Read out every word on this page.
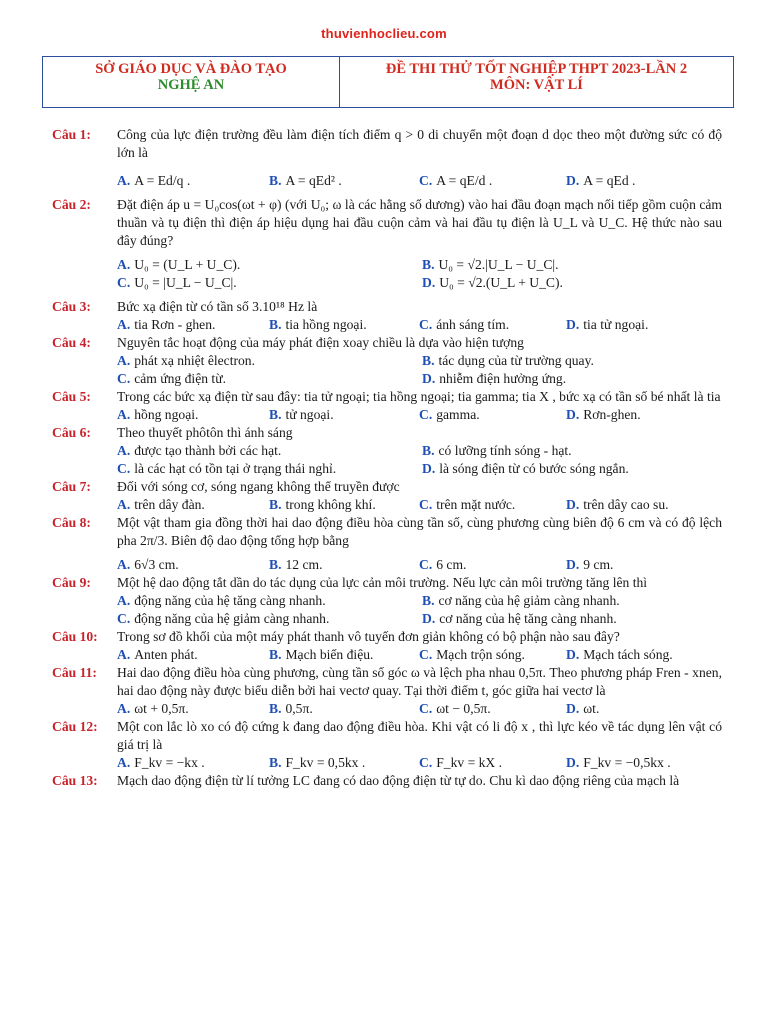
thuvienhoclieu.com
SỞ GIÁO DỤC VÀ ĐÀO TẠO
NGHỆ AN
ĐỀ THI THỬ TỐT NGHIỆP THPT 2023-LẦN 2
MÔN: VẬT LÍ
Câu 1:	Công của lực điện trường đều làm điện tích điểm q > 0 di chuyển một đoạn d dọc theo một đường sức có độ lớn là
A. A = Ed/q .	B. A = qEd² .	C. A = qE/d .	D. A = qEd .
Câu 2:	Đặt điện áp u = U₀cos(ωt + φ) (với U₀; ω là các hằng số dương) vào hai đầu đoạn mạch nối tiếp gồm cuộn cảm thuần và tụ điện thì điện áp hiệu dụng hai đầu cuộn cảm và hai đầu tụ điện là U_L và U_C. Hệ thức nào sau đây đúng?
A. U₀ = (U_L + U_C).	B. U₀ = √2.|U_L − U_C|.
C. U₀ = |U_L − U_C|.	D. U₀ = √2.(U_L + U_C).
Câu 3:	Bức xạ điện từ có tần số 3.10¹⁸ Hz là
A. tia Rơn - ghen.	B. tia hồng ngoại.	C. ánh sáng tím.	D. tia tử ngoại.
Câu 4:	Nguyên tắc hoạt động của máy phát điện xoay chiều là dựa vào hiện tượng
A. phát xạ nhiệt êlectron.	B. tác dụng của từ trường quay.
C. cảm ứng điện từ.	D. nhiễm điện hưởng ứng.
Câu 5:	Trong các bức xạ điện từ sau đây: tia tử ngoại; tia hồng ngoại; tia gamma; tia X , bức xạ có tần số bé nhất là tia
A. hồng ngoại.	B. tử ngoại.	C. gamma.	D. Rơn-ghen.
Câu 6:	Theo thuyết phôtôn thì ánh sáng
A. được tạo thành bởi các hạt.	B. có lưỡng tính sóng - hạt.
C. là các hạt có tồn tại ở trạng thái nghỉ.	D. là sóng điện từ có bước sóng ngắn.
Câu 7:	Đối với sóng cơ, sóng ngang không thể truyền được
A. trên dây đàn.	B. trong không khí.	C. trên mặt nước.	D. trên dây cao su.
Câu 8:	Một vật tham gia đồng thời hai dao động điều hòa cùng tần số, cùng phương cùng biên độ 6 cm và có độ lệch pha 2π/3. Biên độ dao động tổng hợp bằng
A. 6√3 cm.	B. 12 cm.	C. 6 cm.	D. 9 cm.
Câu 9:	Một hệ dao động tắt dần do tác dụng của lực cản môi trường. Nếu lực cản môi trường tăng lên thì
A. động năng của hệ tăng càng nhanh.	B. cơ năng của hệ giảm càng nhanh.
C. động năng của hệ giảm càng nhanh.	D. cơ năng của hệ tăng càng nhanh.
Câu 10:	Trong sơ đồ khối của một máy phát thanh vô tuyến đơn giản không có bộ phận nào sau đây?
A. Anten phát.	B. Mạch biến điệu.	C. Mạch trộn sóng.	D. Mạch tách sóng.
Câu 11:	Hai dao động điều hòa cùng phương, cùng tần số góc ω và lệch pha nhau 0,5π. Theo phương pháp Fren - xnen, hai dao động này được biểu diễn bởi hai vectơ quay. Tại thời điểm t, góc giữa hai vectơ là
A. ωt + 0,5π.	B. 0,5π.	C. ωt − 0,5π.	D. ωt.
Câu 12:	Một con lắc lò xo có độ cứng k đang dao động điều hòa. Khi vật có li độ x , thì lực kéo về tác dụng lên vật có giá trị là
A. F_kv = −kx .	B. F_kv = 0,5kx .	C. F_kv = kX .	D. F_kv = −0,5kx .
Câu 13:	Mạch dao động điện từ lí tưởng LC đang có dao động điện từ tự do. Chu kì dao động riêng của mạch là
